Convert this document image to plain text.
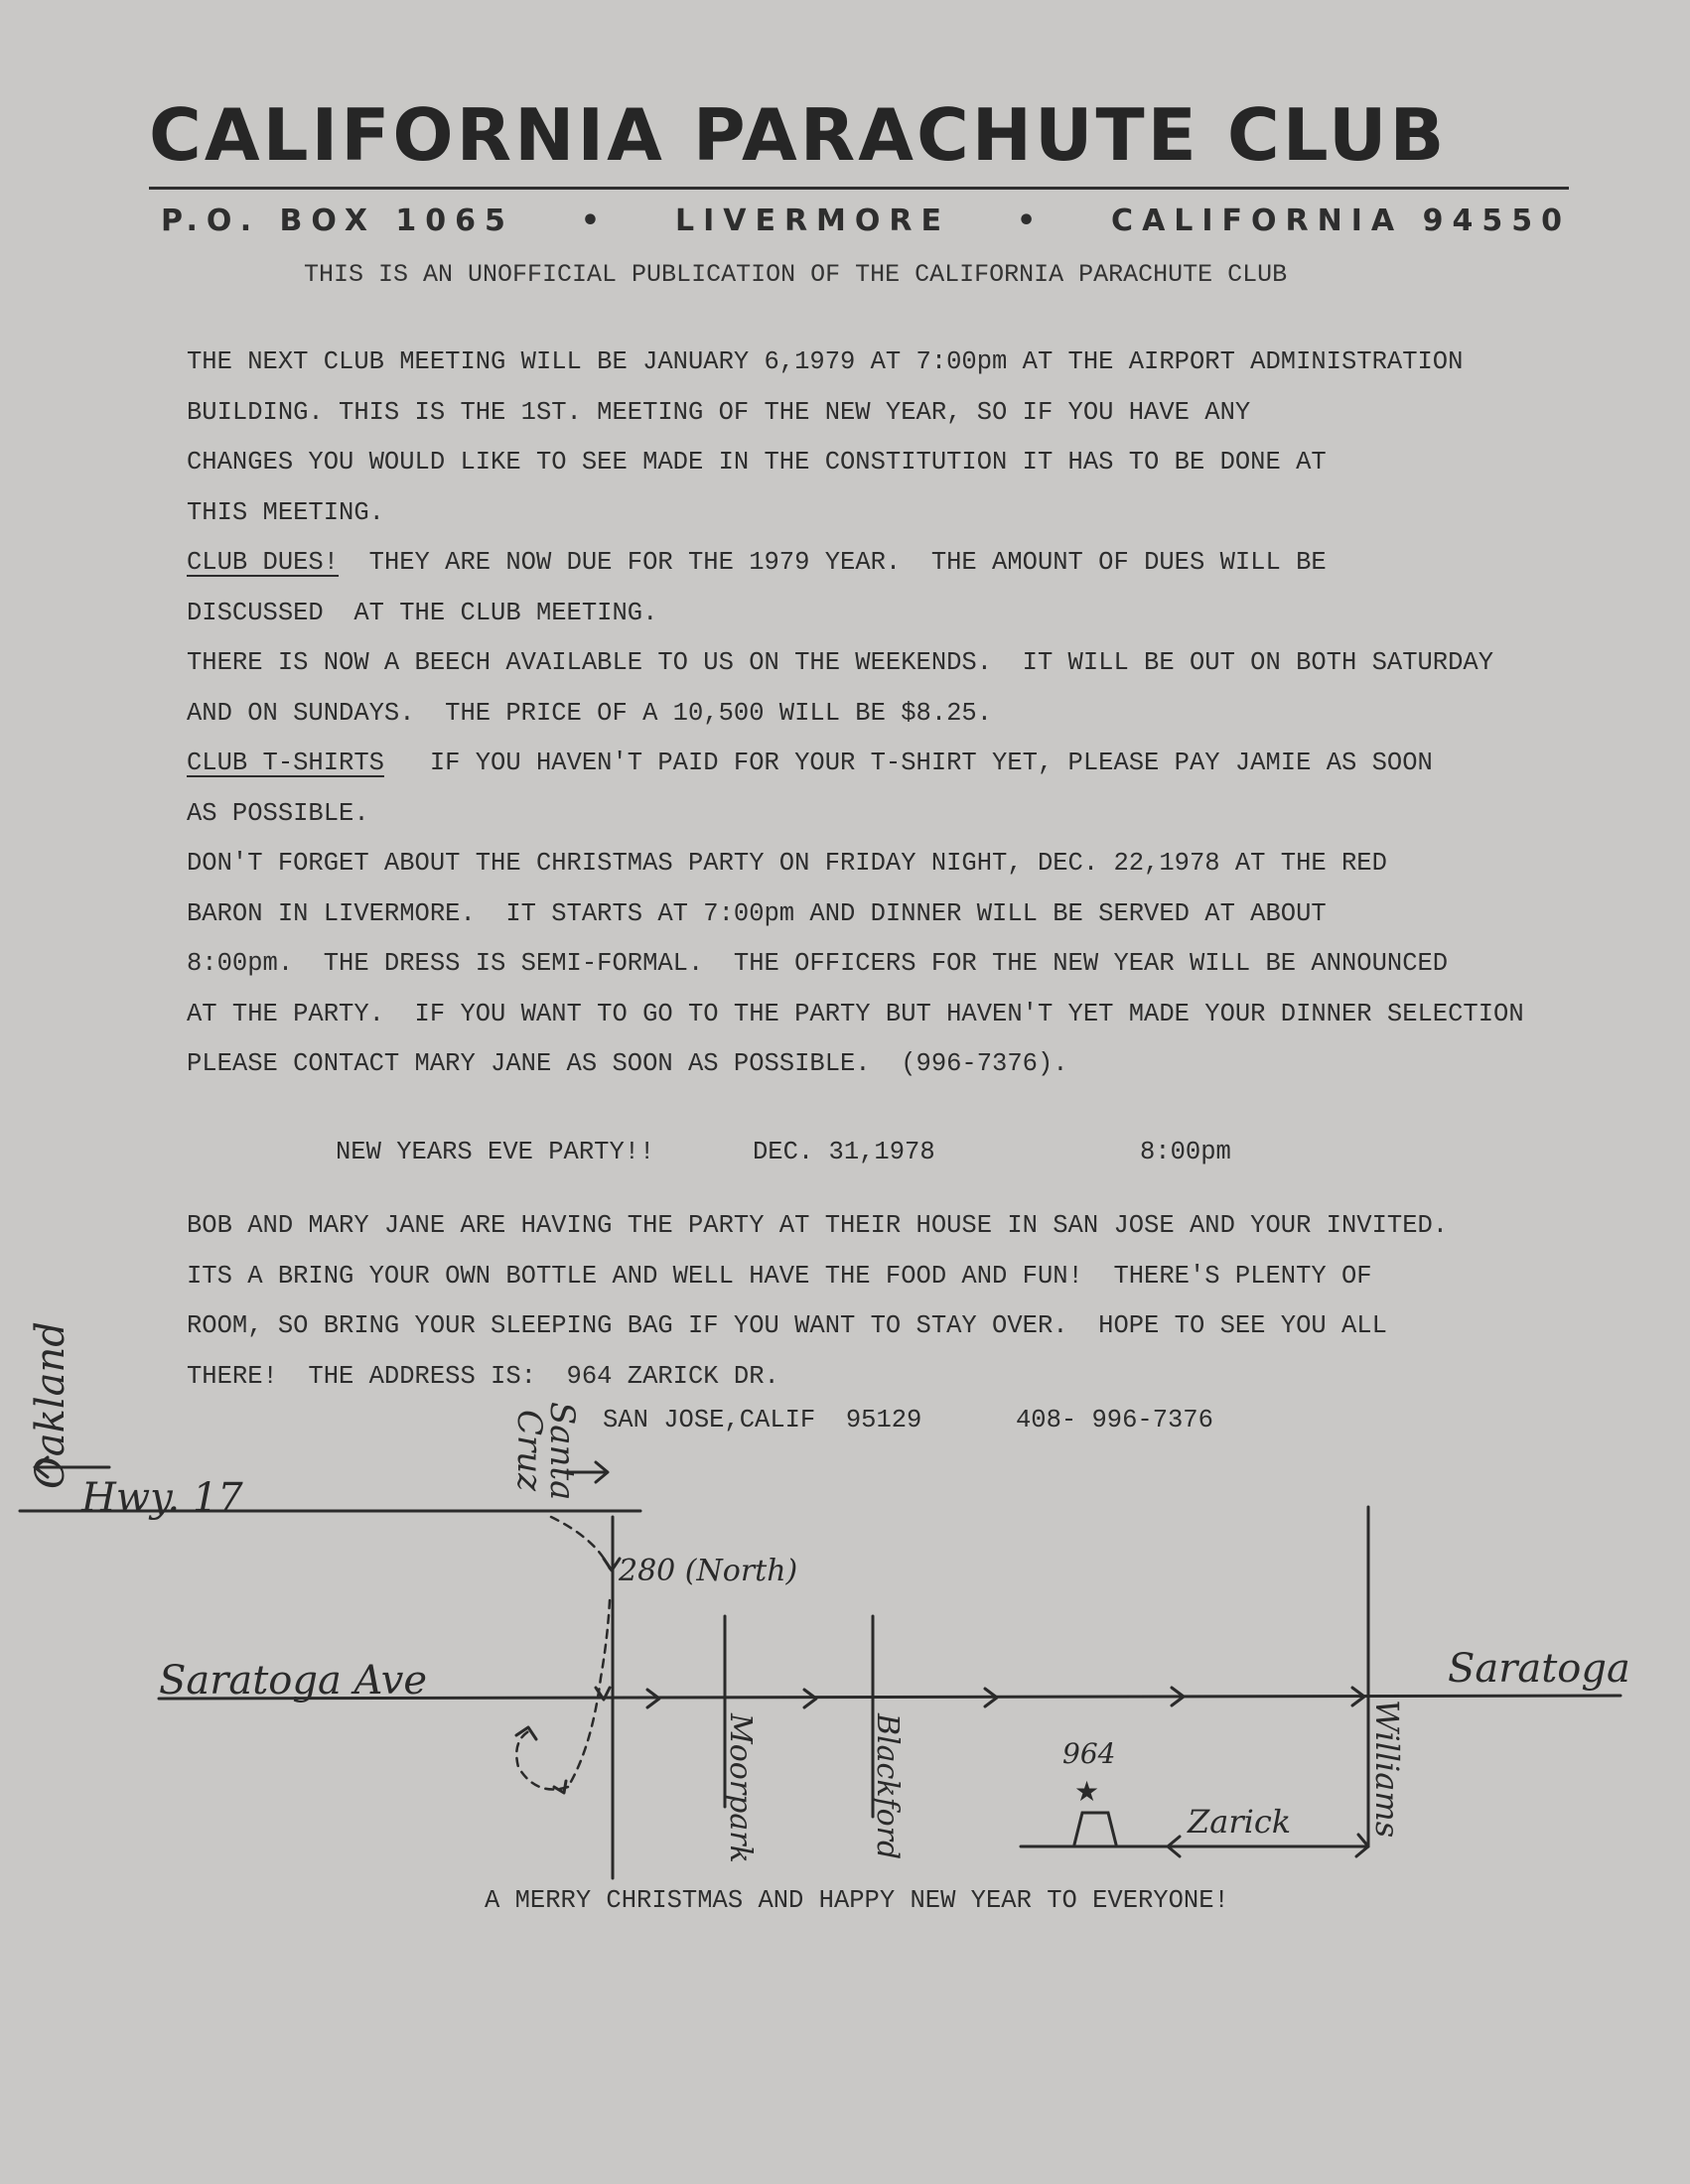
CALIFORNIA PARACHUTE CLUB
P.O. BOX 1065 • LIVERMORE • CALIFORNIA 94550
THIS IS AN UNOFFICIAL PUBLICATION OF THE CALIFORNIA PARACHUTE CLUB

THE NEXT CLUB MEETING WILL BE JANUARY 6,1979 AT 7:00pm AT THE AIRPORT ADMINISTRATION

BUILDING. THIS IS THE 1ST. MEETING OF THE NEW YEAR, SO IF YOU HAVE ANY

CHANGES YOU WOULD LIKE TO SEE MADE IN THE CONSTITUTION IT HAS TO BE DONE AT

THIS MEETING.

CLUB DUES!  THEY ARE NOW DUE FOR THE 1979 YEAR.  THE AMOUNT OF DUES WILL BE

DISCUSSED  AT THE CLUB MEETING.

THERE IS NOW A BEECH AVAILABLE TO US ON THE WEEKENDS.  IT WILL BE OUT ON BOTH SATURDAY

AND ON SUNDAYS.  THE PRICE OF A 10,500 WILL BE $8.25.

CLUB T-SHIRTS   IF YOU HAVEN'T PAID FOR YOUR T-SHIRT YET, PLEASE PAY JAMIE AS SOON

AS POSSIBLE.

DON'T FORGET ABOUT THE CHRISTMAS PARTY ON FRIDAY NIGHT, DEC. 22,1978 AT THE RED

BARON IN LIVERMORE.  IT STARTS AT 7:00pm AND DINNER WILL BE SERVED AT ABOUT

8:00pm.  THE DRESS IS SEMI-FORMAL.  THE OFFICERS FOR THE NEW YEAR WILL BE ANNOUNCED

AT THE PARTY.  IF YOU WANT TO GO TO THE PARTY BUT HAVEN'T YET MADE YOUR DINNER SELECTION

PLEASE CONTACT MARY JANE AS SOON AS POSSIBLE.  (996-7376).

NEW YEARS EVE PARTY!!	DEC. 31,1978	8:00pm

BOB AND MARY JANE ARE HAVING THE PARTY AT THEIR HOUSE IN SAN JOSE AND YOUR INVITED.

ITS A BRING YOUR OWN BOTTLE AND WELL HAVE THE FOOD AND FUN!  THERE'S PLENTY OF

ROOM, SO BRING YOUR SLEEPING BAG IF YOU WANT TO STAY OVER.  HOPE TO SEE YOU ALL

THERE!  THE ADDRESS IS:  964 ZARICK DR.

SAN JOSE,CALIF  95129	408- 996-7376
Oakland
Hwy. 17	Santa
Cruz
280 (North)
Saratoga Ave	Saratoga
Moorpark	Blackford	964
★
Zarick Williams
A MERRY CHRISTMAS AND HAPPY NEW YEAR TO EVERYONE!
